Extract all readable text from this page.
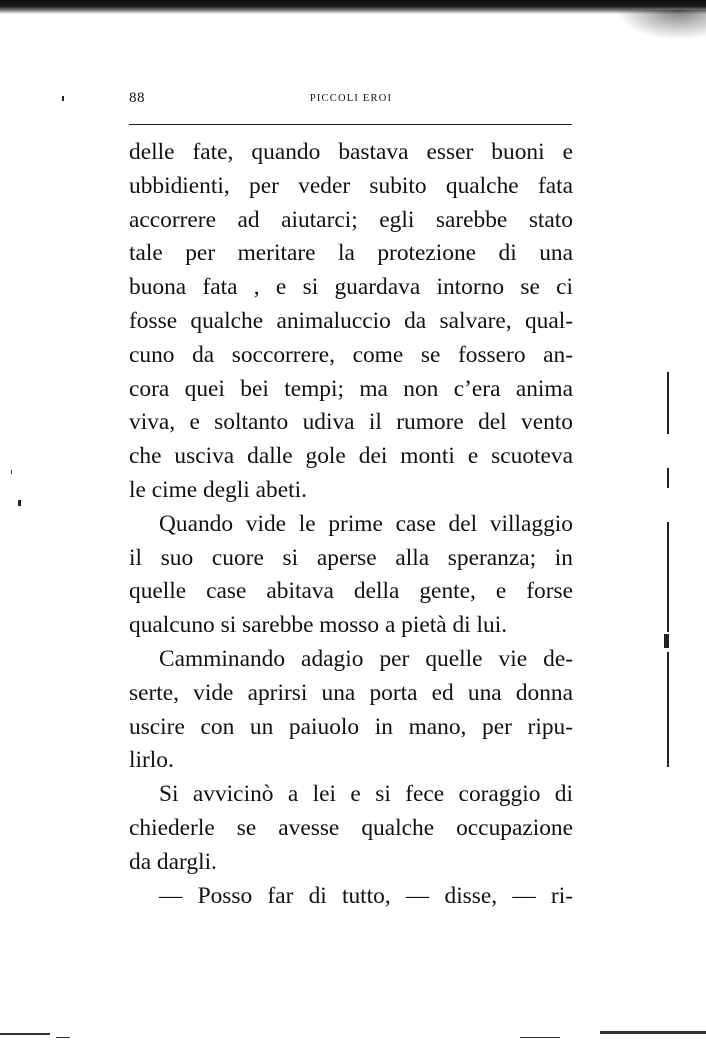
88	PICCOLI EROI
delle fate, quando bastava esser buoni e
ubbidienti, per veder subito qualche fata
accorrere ad aiutarci; egli sarebbe stato
tale per meritare la protezione di una
buona fata , e si guardava intorno se ci
fosse qualche animaluccio da salvare, qual-
cuno da soccorrere, come se fossero an-
cora quei bei tempi; ma non c’era anima
viva, e soltanto udiva il rumore del vento
che usciva dalle gole dei monti e scuoteva
le cime degli abeti.
Quando vide le prime case del villaggio
il suo cuore si aperse alla speranza; in
quelle case abitava della gente, e forse
qualcuno si sarebbe mosso a pietà di lui.
Camminando adagio per quelle vie de-
serte, vide aprirsi una porta ed una donna
uscire con un paiuolo in mano, per ripu-
lirlo.
Si avvicinò a lei e si fece coraggio di
chiederle se avesse qualche occupazione
da dargli.
— Posso far di tutto, — disse, — ri-
